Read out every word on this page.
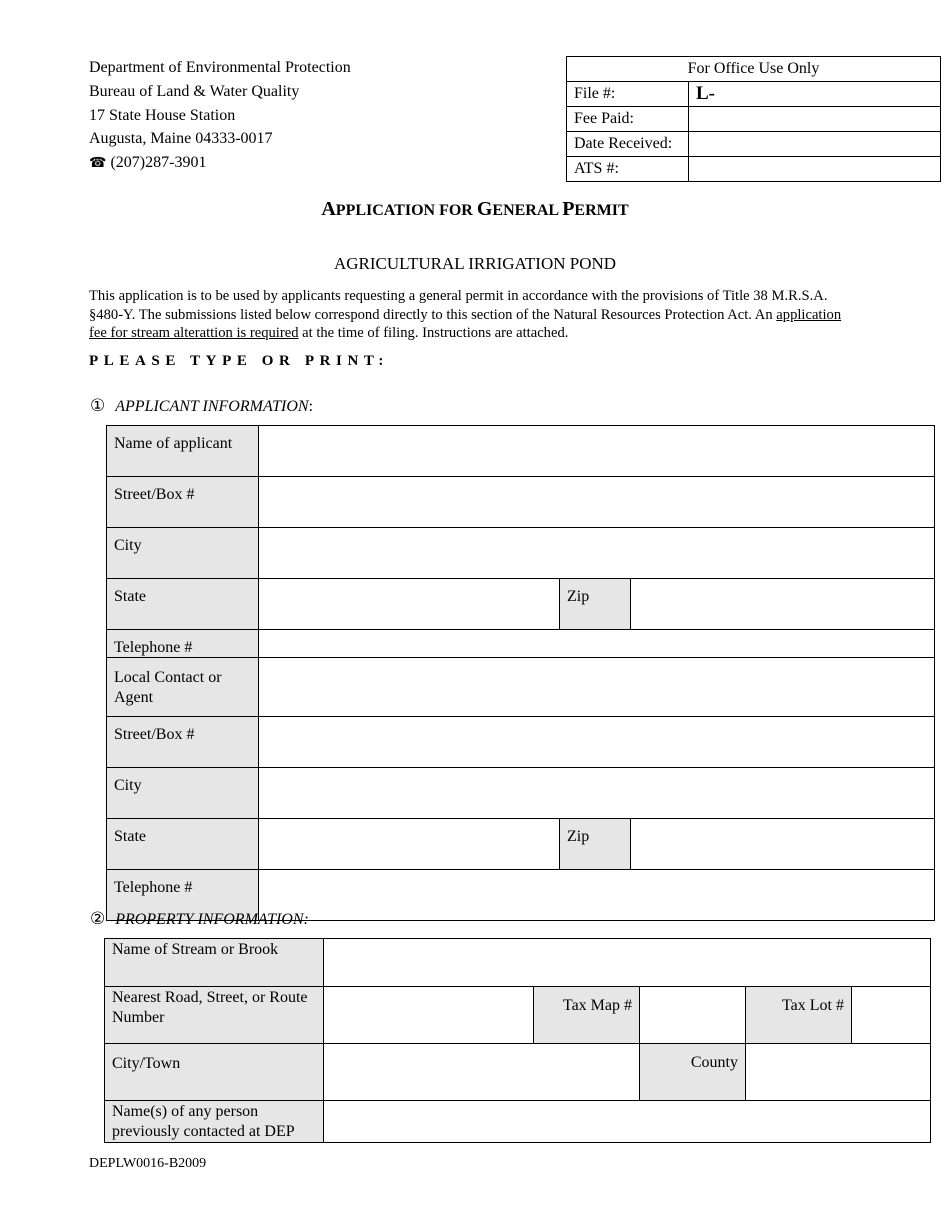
Department of Environmental Protection
Bureau of Land & Water Quality
17 State House Station
Augusta, Maine 04333-0017
☎ (207)287-3901
For Office Use Only	
File #:	L-
Fee Paid:	
Date Received:	
ATS #:	
APPLICATION FOR GENERAL PERMIT
AGRICULTURAL IRRIGATION POND
This application is to be used by applicants requesting a general permit in accordance with the provisions of Title 38 M.R.S.A. §480-Y. The submissions listed below correspond directly to this section of the Natural Resources Protection Act. An application fee for stream alterattion is required at the time of filing. Instructions are attached.
PLEASE TYPE OR PRINT:
① APPLICANT INFORMATION:
Name of applicant			
Street/Box #			
City			
State		Zip	
Telephone #			
Local Contact or Agent			
Street/Box #			
City			
State		Zip	
Telephone #			
② PROPERTY INFORMATION:
Name of Stream or Brook					
Nearest Road, Street, or Route Number		Tax Map #		Tax Lot #	
City/Town			County		
Name(s) of any person previously contacted at DEP					
DEPLW0016-B2009
